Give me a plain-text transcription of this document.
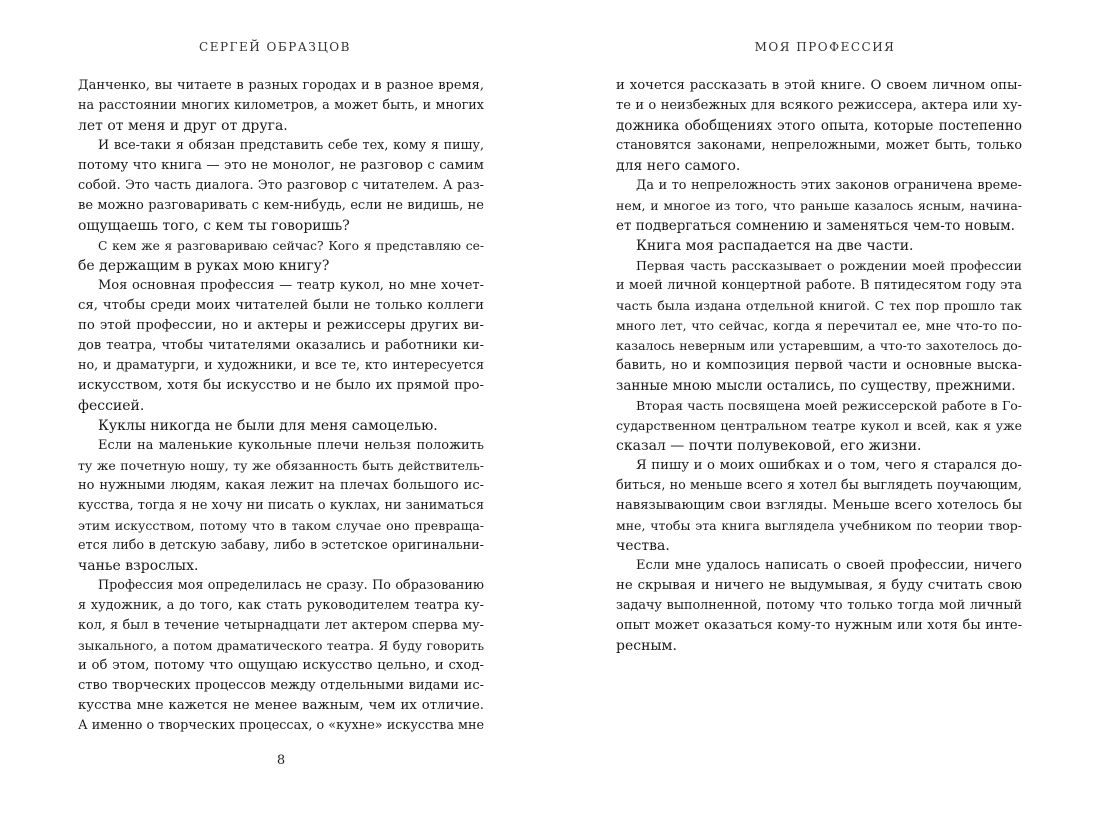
СЕРГЕЙ ОБРАЗЦОВ
Данченко, вы читаете в разных городах и в разное время,
на расстоянии многих километров, а может быть, и многих
лет от меня и друг от друга.
И все-таки я обязан представить себе тех, кому я пишу,
потому что книга — это не монолог, не разговор с самим
собой. Это часть диалога. Это разговор с читателем. А раз-
ве можно разговаривать с кем-нибудь, если не видишь, не
ощущаешь того, с кем ты говоришь?
С кем же я разговариваю сейчас? Кого я представляю се-
бе держащим в руках мою книгу?
Моя основная профессия — театр кукол, но мне хочет-
ся, чтобы среди моих читателей были не только коллеги
по этой профессии, но и актеры и режиссеры других ви-
дов театра, чтобы читателями оказались и работники ки-
но, и драматурги, и художники, и все те, кто интересуется
искусством, хотя бы искусство и не было их прямой про-
фессией.
Куклы никогда не были для меня самоцелью.
Если на маленькие кукольные плечи нельзя положить
ту же почетную ношу, ту же обязанность быть действитель-
но нужными людям, какая лежит на плечах большого ис-
кусства, тогда я не хочу ни писать о куклах, ни заниматься
этим искусством, потому что в таком случае оно превраща-
ется либо в детскую забаву, либо в эстетское оригинальни-
чанье взрослых.
Профессия моя определилась не сразу. По образованию
я художник, а до того, как стать руководителем театра ку-
кол, я был в течение четырнадцати лет актером сперва му-
зыкального, а потом драматического театра. Я буду говорить
и об этом, потому что ощущаю искусство цельно, и сход-
ство творческих процессов между отдельными видами ис-
кусства мне кажется не менее важным, чем их отличие.
А именно о творческих процессах, о «кухне» искусства мне
8
МОЯ ПРОФЕССИЯ
и хочется рассказать в этой книге. О своем личном опы-
те и о неизбежных для всякого режиссера, актера или ху-
дожника обобщениях этого опыта, которые постепенно
становятся законами, непреложными, может быть, только
для него самого.
Да и то непреложность этих законов ограничена време-
нем, и многое из того, что раньше казалось ясным, начина-
ет подвергаться сомнению и заменяться чем-то новым.
Книга моя распадается на две части.
Первая часть рассказывает о рождении моей профессии
и моей личной концертной работе. В пятидесятом году эта
часть была издана отдельной книгой. С тех пор прошло так
много лет, что сейчас, когда я перечитал ее, мне что-то по-
казалось неверным или устаревшим, а что-то захотелось до-
бавить, но и композиция первой части и основные выска-
занные мною мысли остались, по существу, прежними.
Вторая часть посвящена моей режиссерской работе в Го-
сударственном центральном театре кукол и всей, как я уже
сказал — почти полувековой, его жизни.
Я пишу и о моих ошибках и о том, чего я старался до-
биться, но меньше всего я хотел бы выглядеть поучающим,
навязывающим свои взгляды. Меньше всего хотелось бы
мне, чтобы эта книга выглядела учебником по теории твор-
чества.
Если мне удалось написать о своей профессии, ничего
не скрывая и ничего не выдумывая, я буду считать свою
задачу выполненной, потому что только тогда мой личный
опыт может оказаться кому-то нужным или хотя бы инте-
ресным.
